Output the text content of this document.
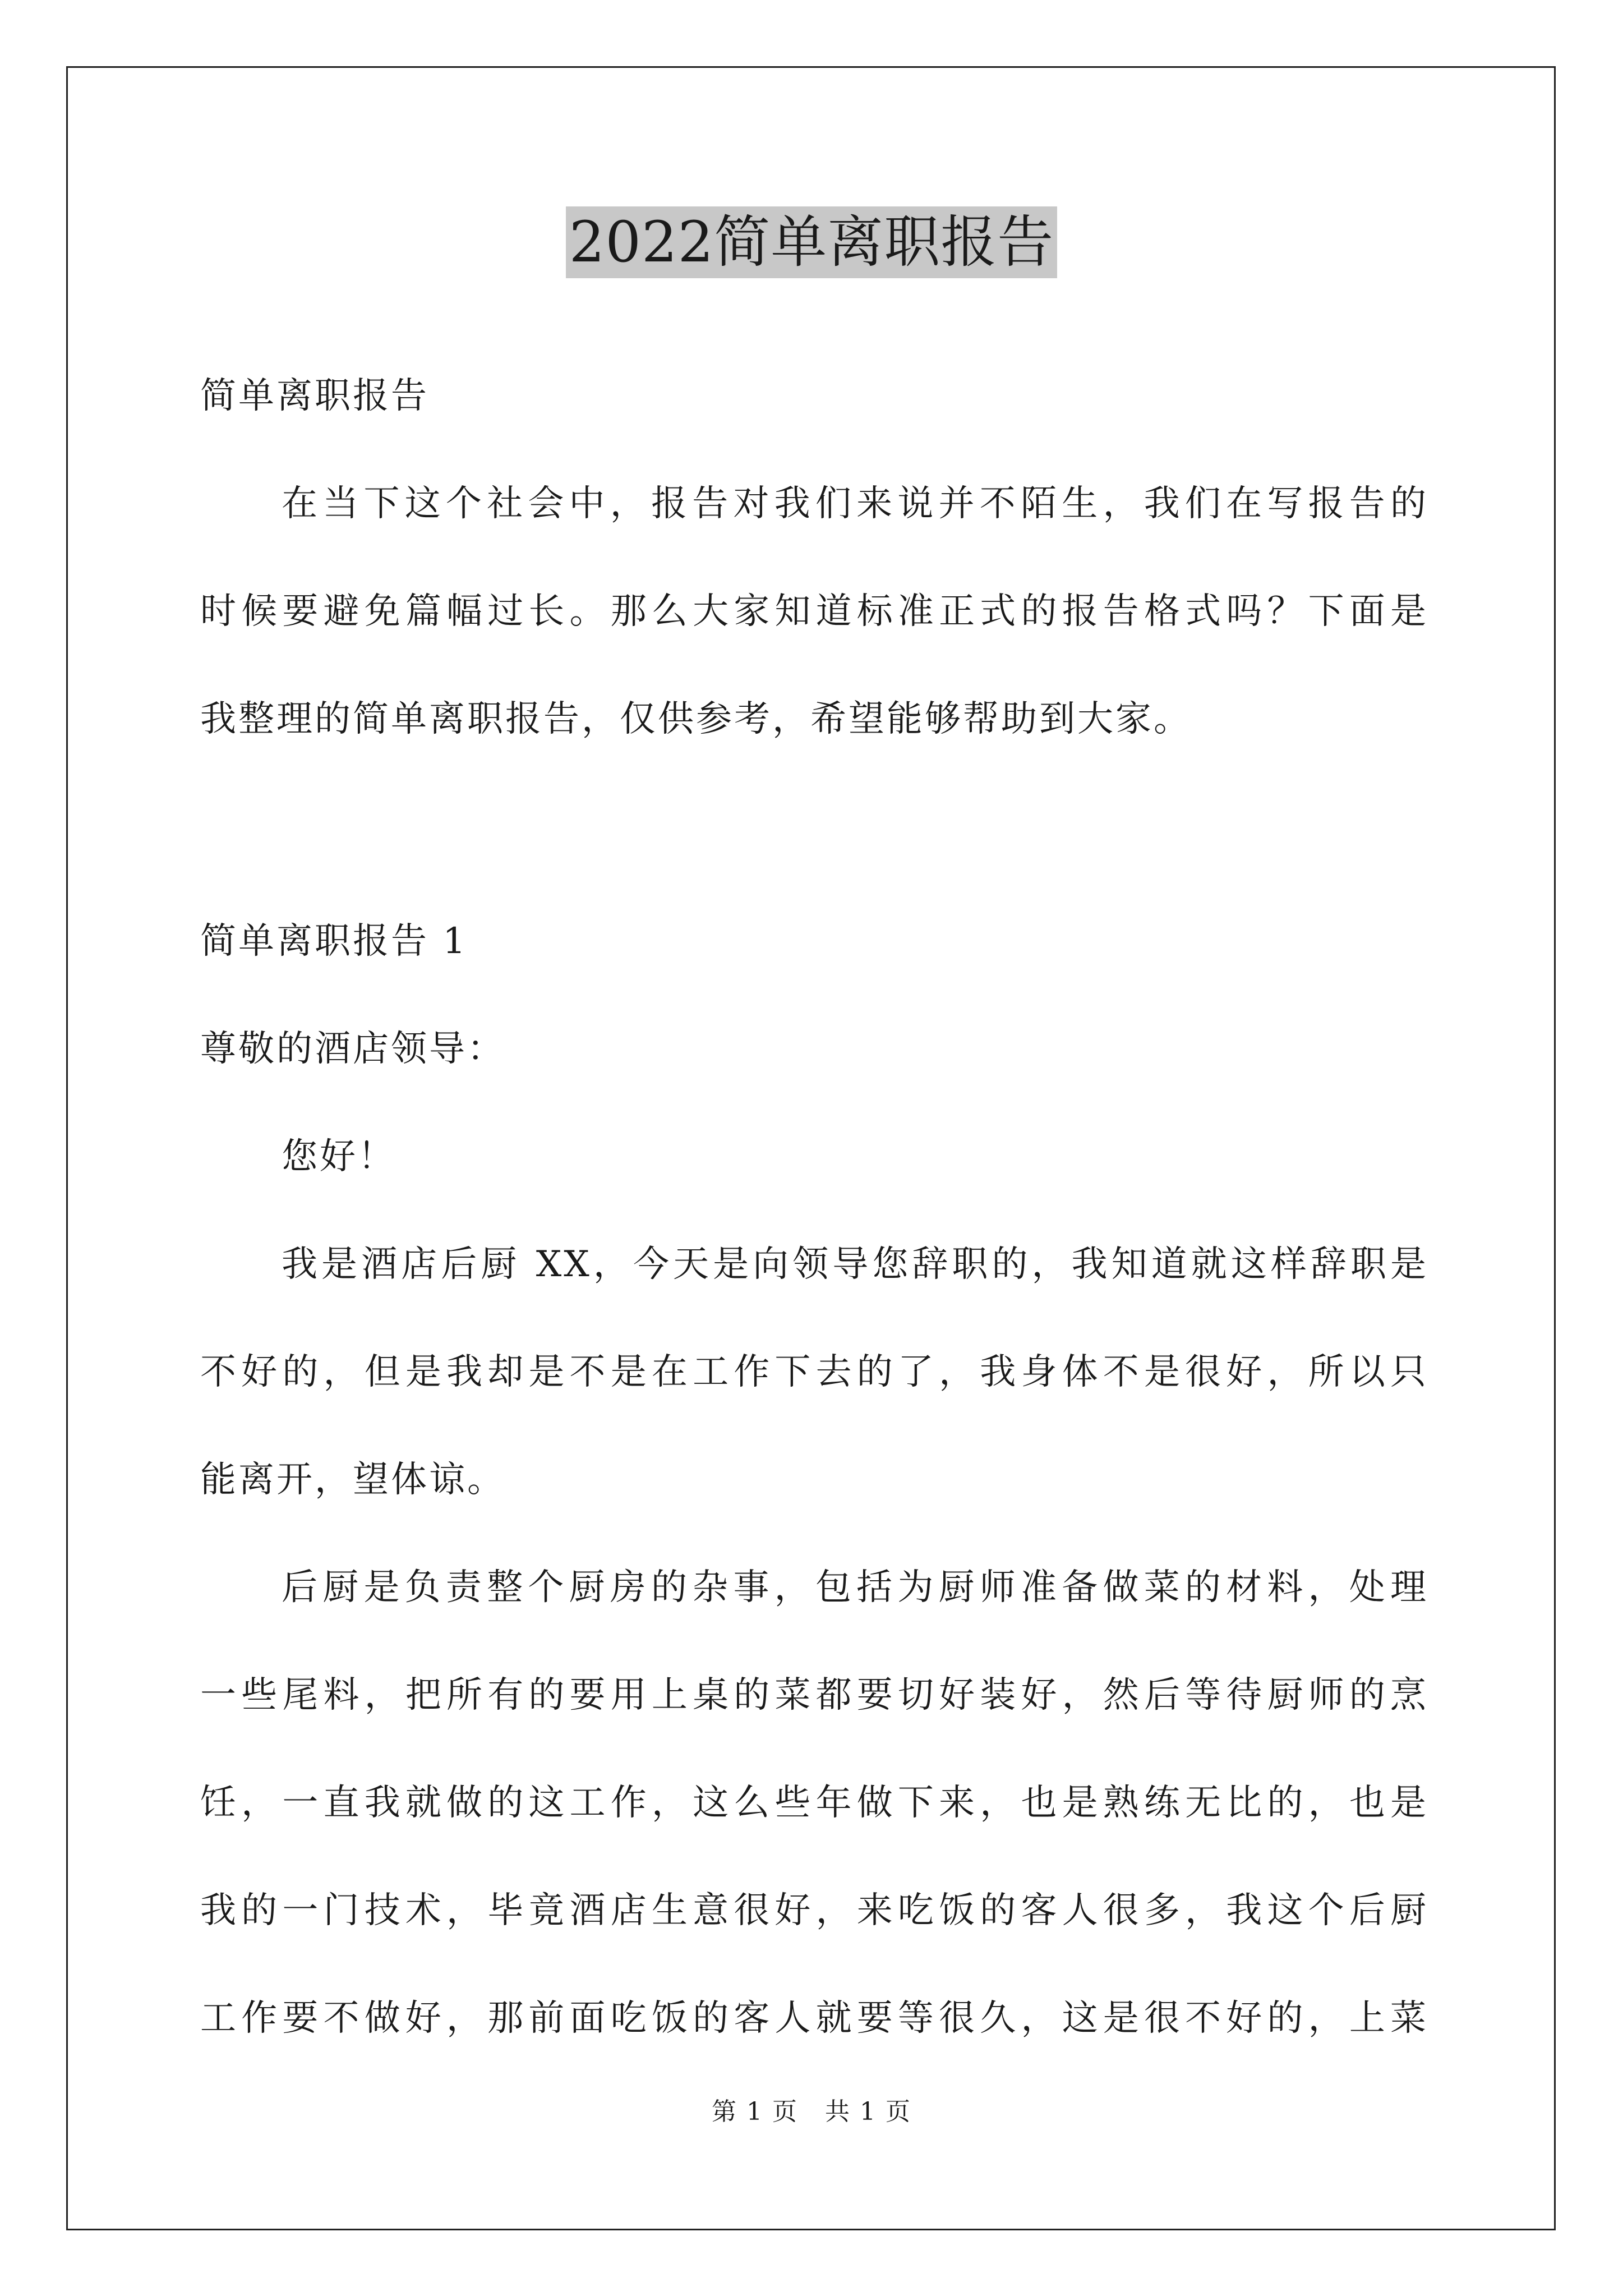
2022简单离职报告
简单离职报告
在当下这个社会中，报告对我们来说并不陌生，我们在写报告的
时候要避免篇幅过长。那么大家知道标准正式的报告格式吗？下面是
我整理的简单离职报告，仅供参考，希望能够帮助到大家。
简单离职报告 1
尊敬的酒店领导：
您好！
我是酒店后厨 XX，今天是向领导您辞职的，我知道就这样辞职是
不好的，但是我却是不是在工作下去的了，我身体不是很好，所以只
能离开，望体谅。
后厨是负责整个厨房的杂事，包括为厨师准备做菜的材料，处理
一些尾料，把所有的要用上桌的菜都要切好装好，然后等待厨师的烹
饪，一直我就做的这工作，这么些年做下来，也是熟练无比的，也是
我的一门技术，毕竟酒店生意很好，来吃饭的客人很多，我这个后厨
工作要不做好，那前面吃饭的客人就要等很久，这是很不好的，上菜
第 1 页 共 1 页
